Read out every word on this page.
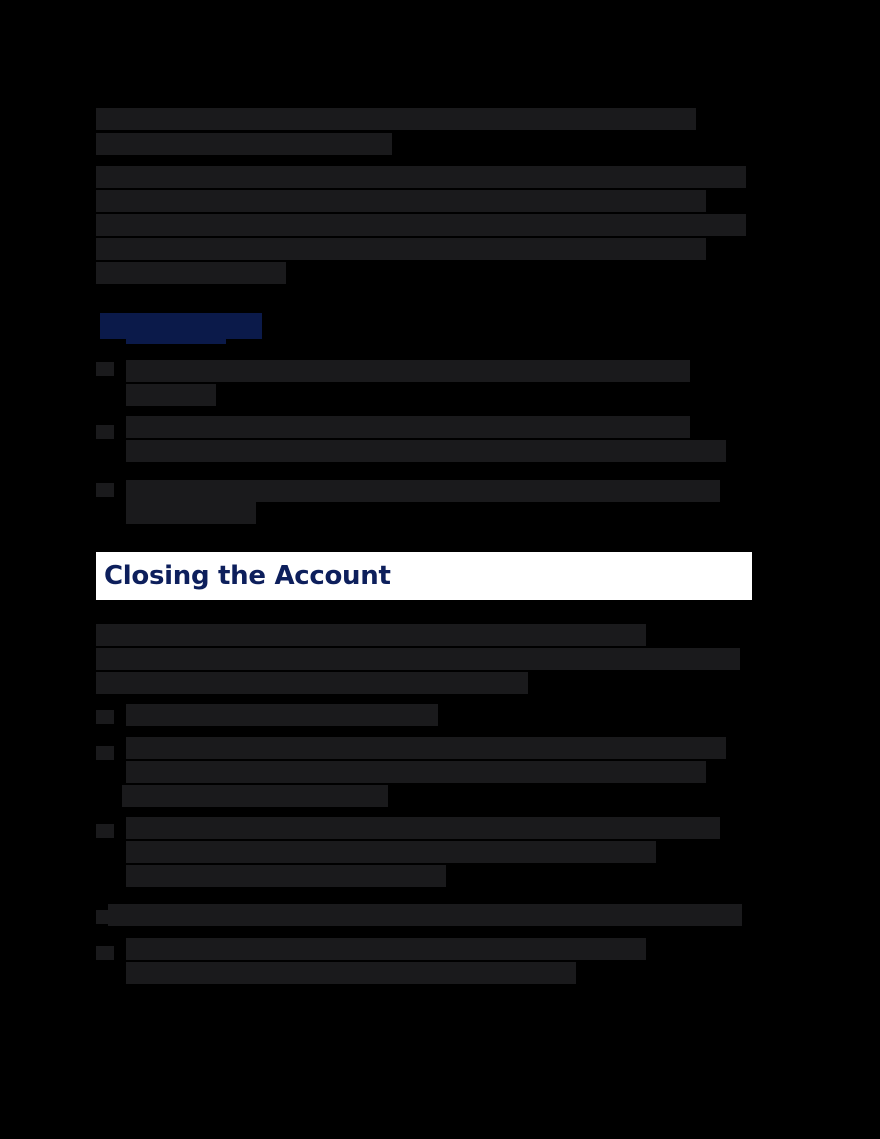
Closing the Account
